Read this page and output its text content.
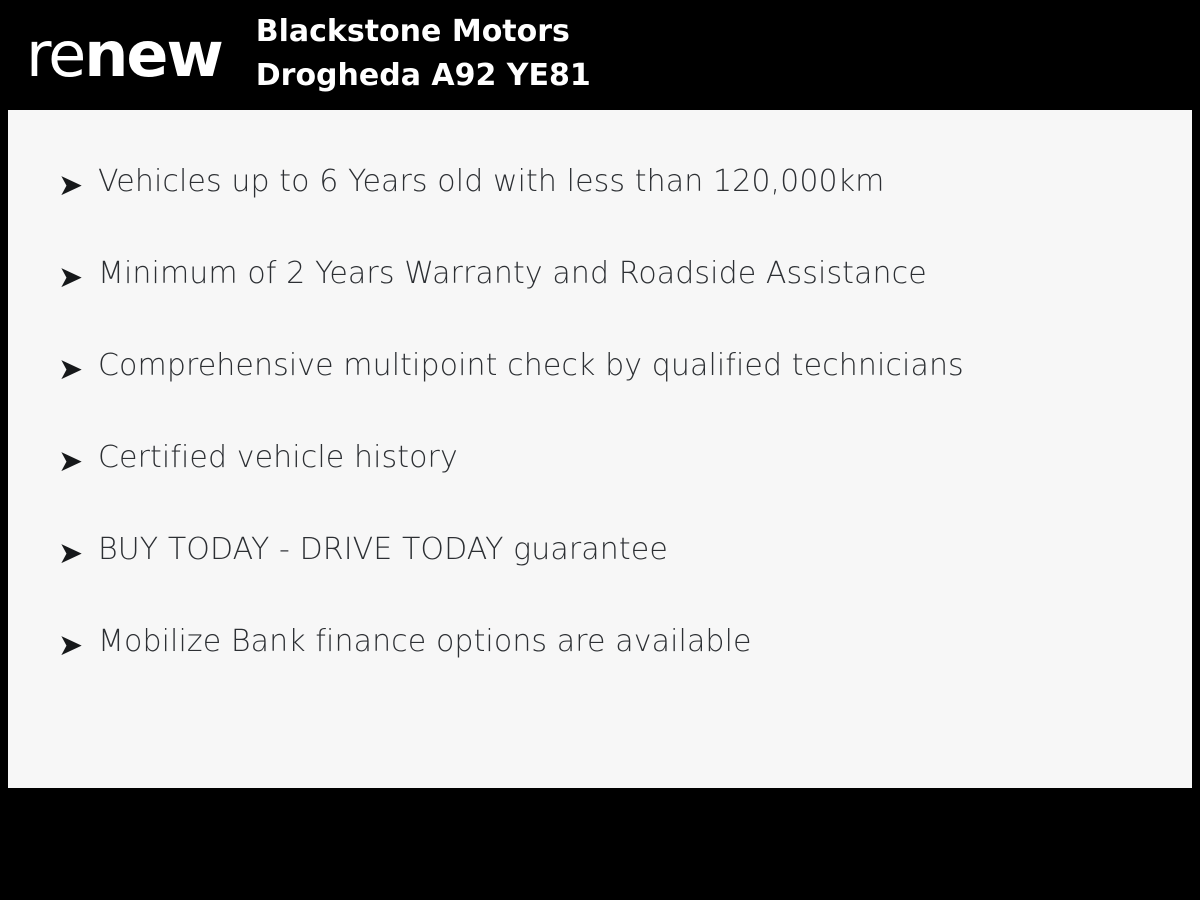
renew Blackstone Motors
Drogheda A92 YE81
➤ Vehicles up to 6 Years old with less than 120,000km
➤ Minimum of 2 Years Warranty and Roadside Assistance
➤ Comprehensive multipoint check by qualified technicians
➤ Certified vehicle history
➤ BUY TODAY - DRIVE TODAY guarantee
➤ Mobilize Bank finance options are available
